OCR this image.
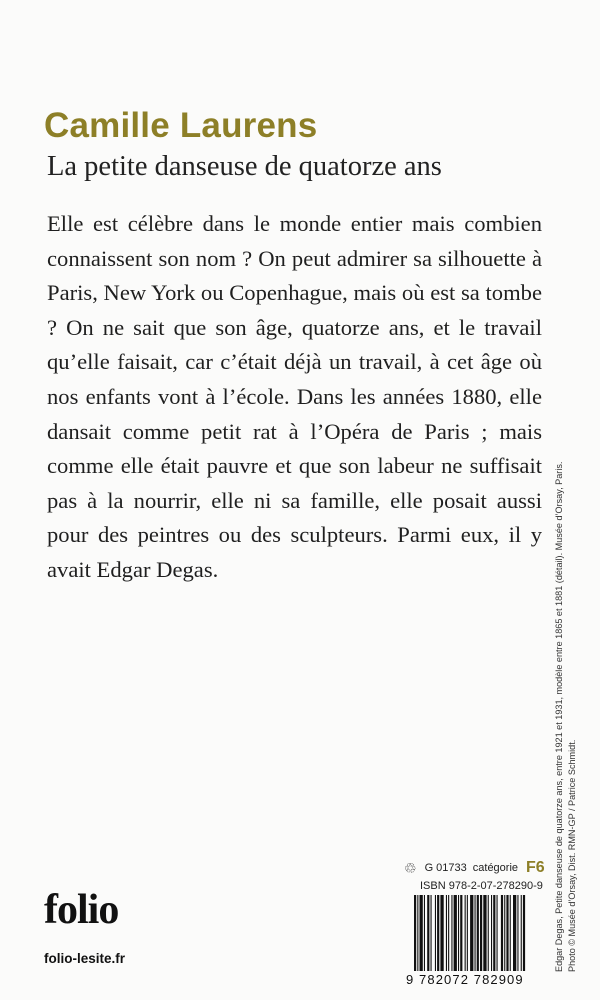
Camille Laurens
La petite danseuse de quatorze ans

Elle est célèbre dans le monde entier mais combien connaissent son nom ? On peut admirer sa silhouette à Paris, New York ou Copenhague, mais où est sa tombe ? On ne sait que son âge, quatorze ans, et le travail qu’elle faisait, car c’était déjà un travail, à cet âge où nos enfants vont à l’école. Dans les années 1880, elle dansait comme petit rat à l’Opéra de Paris ; mais comme elle était pauvre et que son labeur ne suffisait pas à la nourrir, elle ni sa famille, elle posait aussi pour des peintres ou des sculpteurs. Parmi eux, il y avait Edgar Degas.	Edgar Degas, Petite danseuse de quatorze ans, entre 1921 et 1931, modèle entre 1865 et 1881 (détail). Musée d’Orsay, Paris. Photo © Musée d’Orsay, Dist. RMN-GP / Patrice Schmidt.
folio
folio-lesite.fr
♲ G 01733 catégorie F6
ISBN 978-2-07-278290-9
9 782072 782909
